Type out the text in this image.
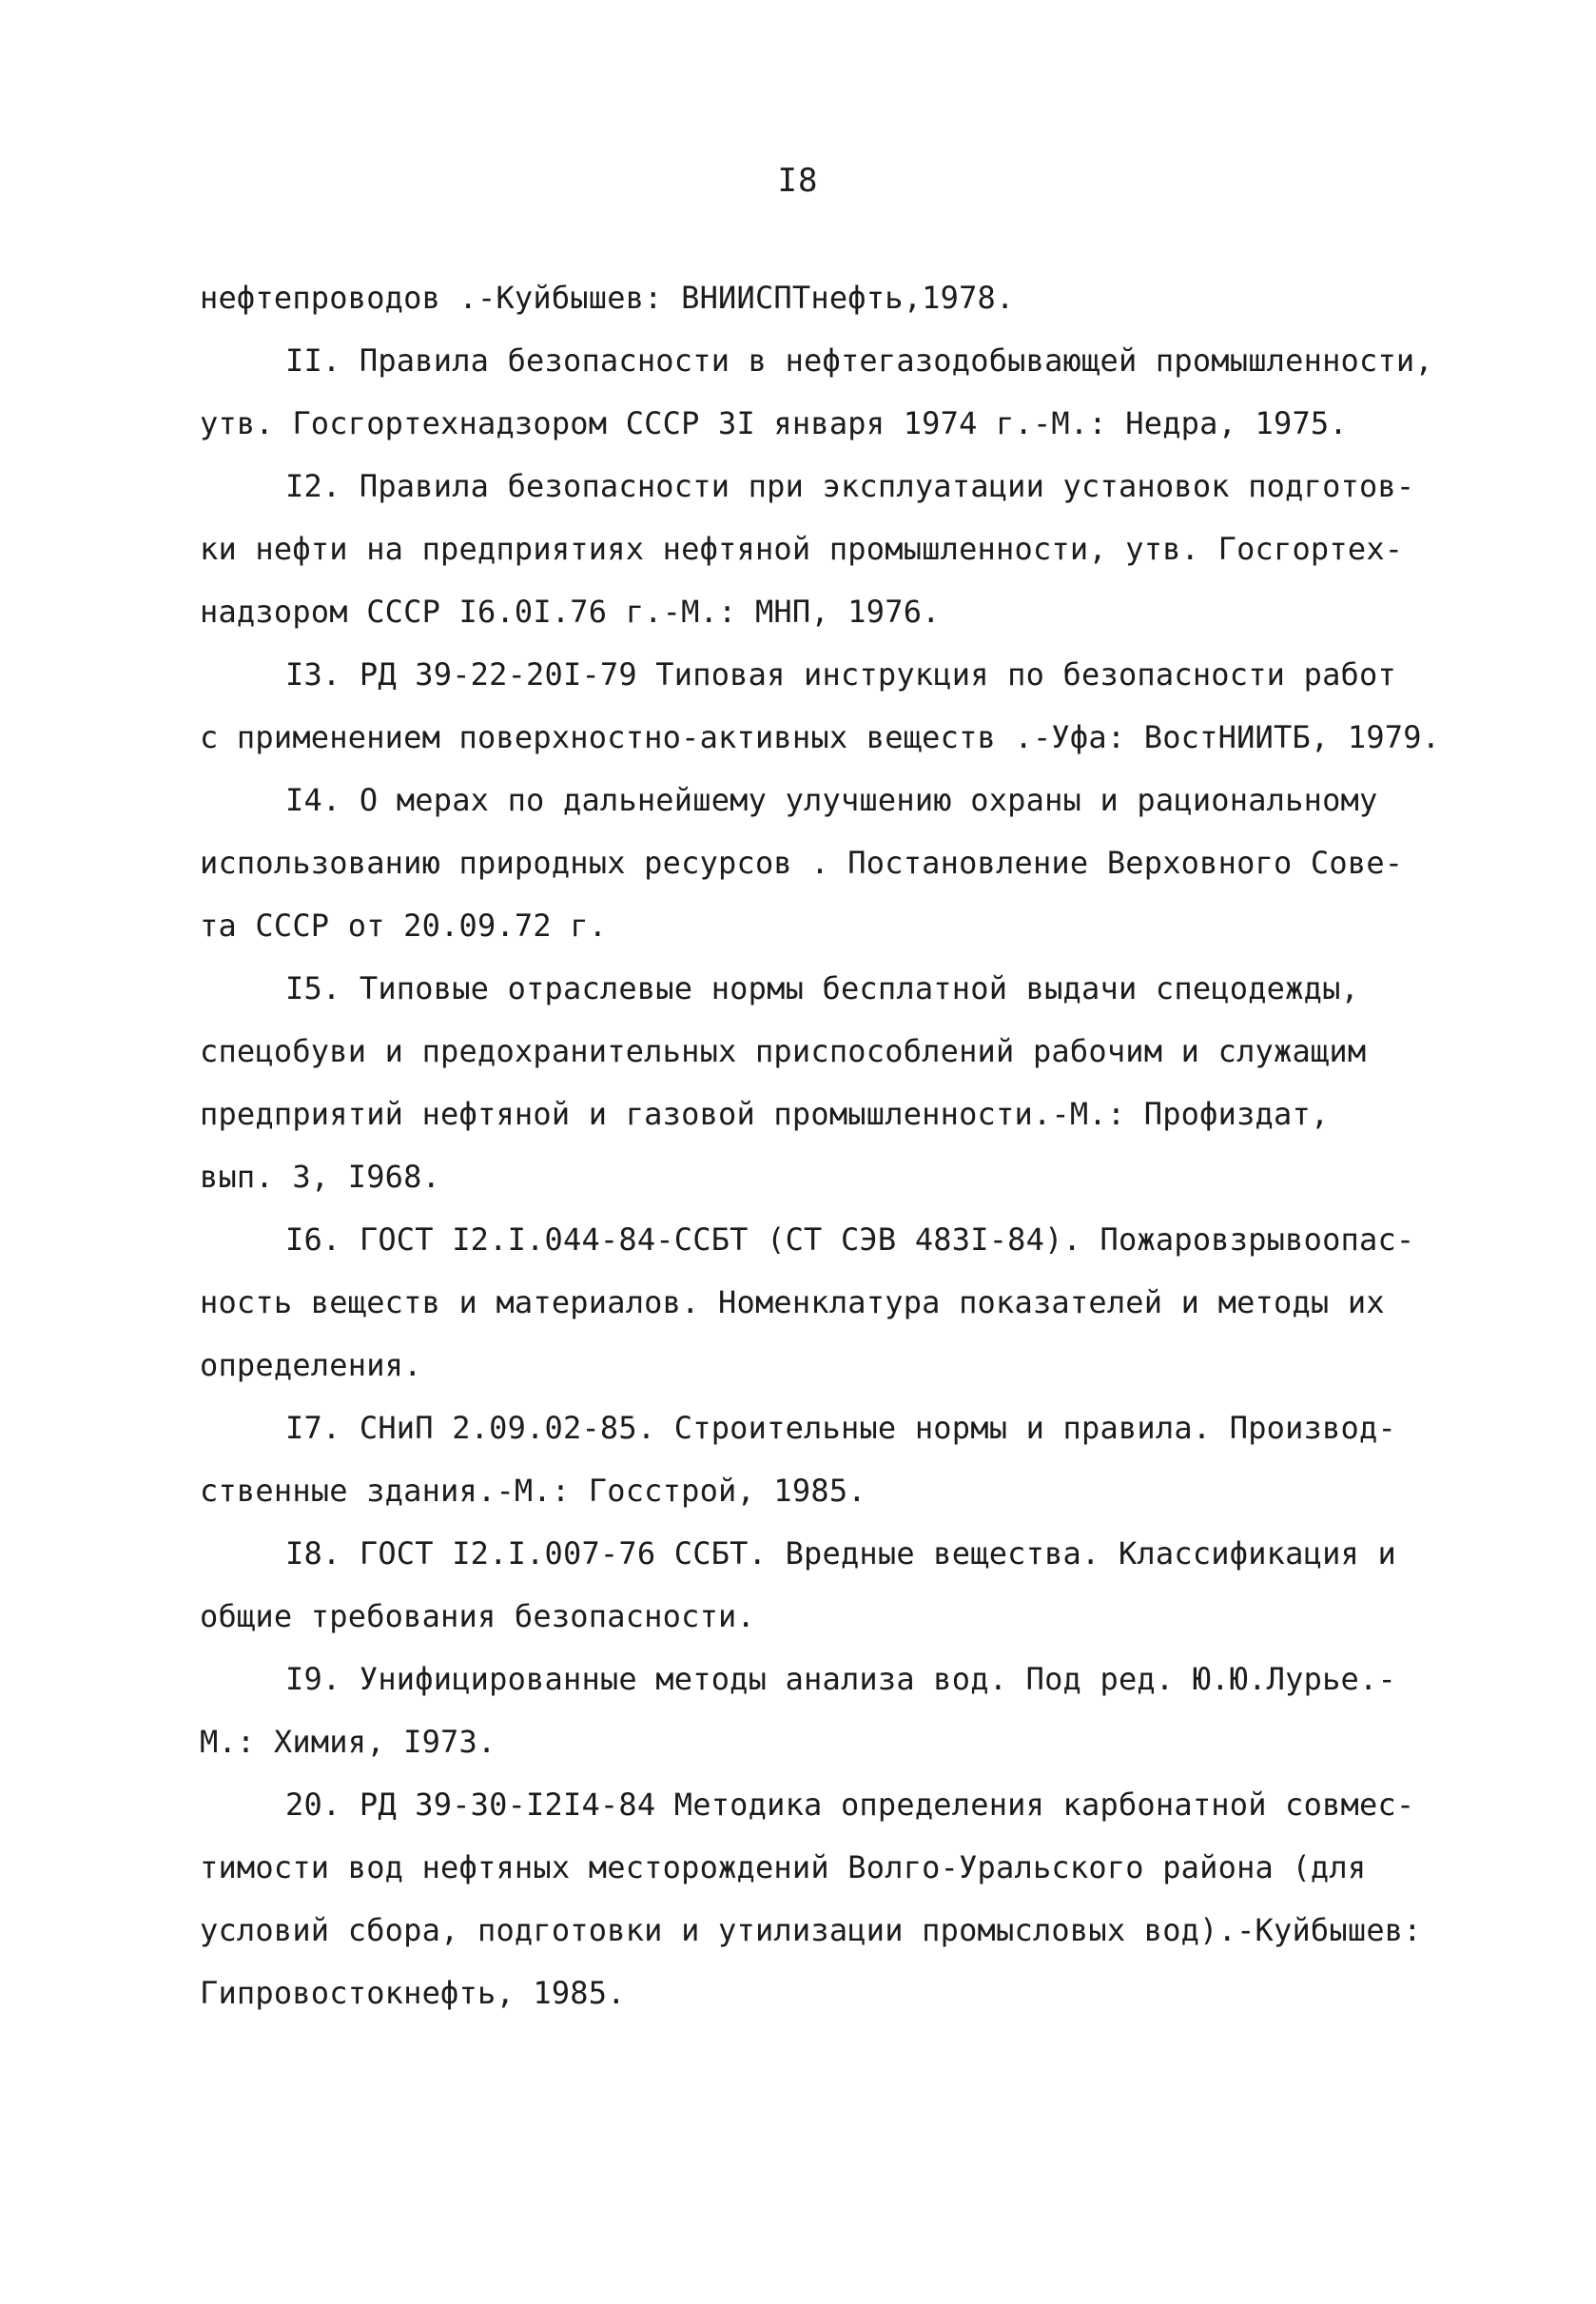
I8
нефтепроводов .-Куйбышев: ВНИИСПТнефть,1978.
II. Правила безопасности в нефтегазодобывающей промышленности,
утв. Госгортехнадзором СССР 3I января 1974 г.-М.: Недра, 1975.
I2. Правила безопасности при эксплуатации установок подготов-
ки нефти на предприятиях нефтяной промышленности, утв. Госгортех-
надзором СССР I6.0I.76 г.-М.: МНП, 1976.
I3. РД 39-22-20I-79 Типовая инструкция по безопасности работ
с применением поверхностно-активных веществ .-Уфа: ВостНИИТБ, 1979.
I4. О мерах по дальнейшему улучшению охраны и рациональному
использованию природных ресурсов . Постановление Верховного Сове-
та СССР от 20.09.72 г.
I5. Типовые отраслевые нормы бесплатной выдачи спецодежды,
спецобуви и предохранительных приспособлений рабочим и служащим
предприятий нефтяной и газовой промышленности.-М.: Профиздат,
вып. 3, I968.
I6. ГОСТ I2.I.044-84-ССБТ (СТ СЭВ 483I-84). Пожаровзрывоопас-
ность веществ и материалов. Номенклатура показателей и методы их
определения.
I7. СНиП 2.09.02-85. Строительные нормы и правила. Производ-
ственные здания.-М.: Госстрой, 1985.
I8. ГОСТ I2.I.007-76 ССБТ. Вредные вещества. Классификация и
общие требования безопасности.
I9. Унифицированные методы анализа вод. Под ред. Ю.Ю.Лурье.-
М.: Химия, I973.
20. РД 39-30-I2I4-84 Методика определения карбонатной совмес-
тимости вод нефтяных месторождений Волго-Уральского района (для
условий сбора, подготовки и утилизации промысловых вод).-Куйбышев:
Гипровостокнефть, 1985.
